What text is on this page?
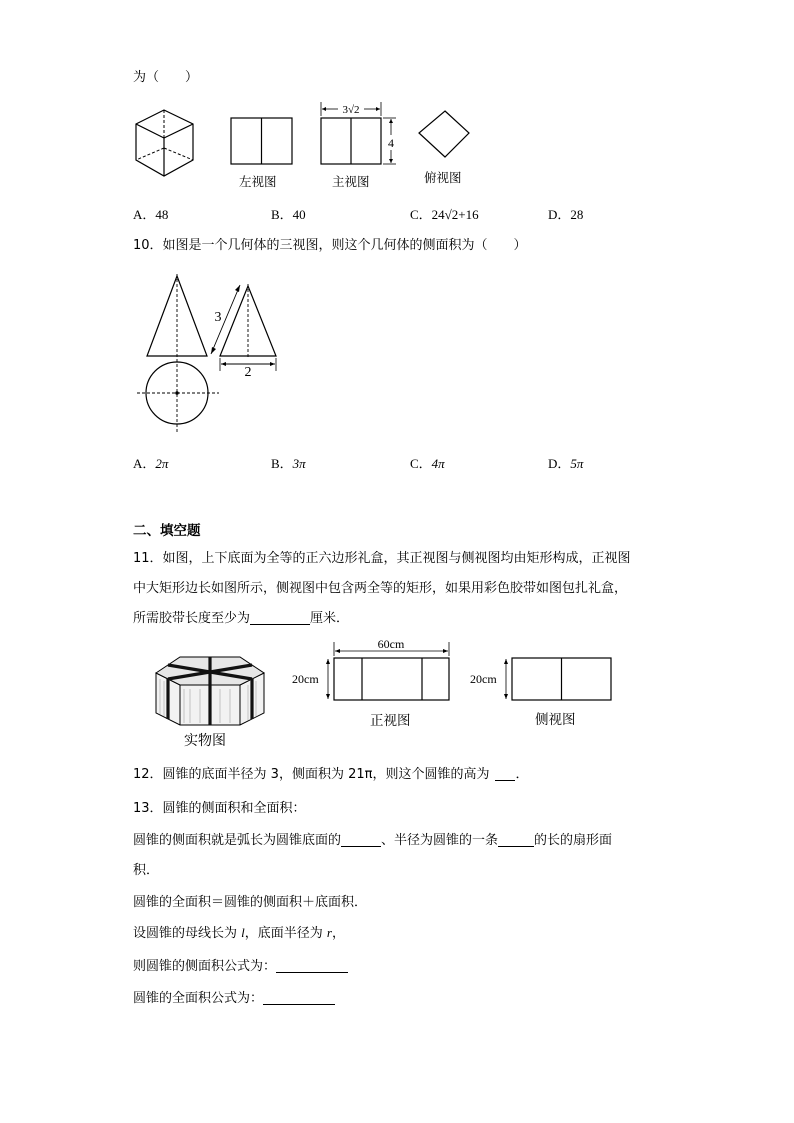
为（　　）
左视图
3√2
4
主视图	俯视图
A．48	B．40	C．24√2+16	D．28
10．如图是一个几何体的三视图，则这个几何体的侧面积为（　　）
3
2
A．2π	B．3π	C．4π	D．5π
二、填空题
11．如图，上下底面为全等的正六边形礼盒，其正视图与侧视图均由矩形构成，正视图
中大矩形边长如图所示，侧视图中包含两全等的矩形，如果用彩色胶带如图包扎礼盒，
所需胶带长度至少为	厘米．
实物图
60cm
20cm
正视图
20cm
侧视图
12．圆锥的底面半径为 3，侧面积为 21π，则这个圆锥的高为 ．
13．圆锥的侧面积和全面积：
圆锥的侧面积就是弧长为圆锥底面的	、半径为圆锥的一条	的长的扇形面
积．
圆锥的全面积＝圆锥的侧面积＋底面积．
设圆锥的母线长为 l，底面半径为 r，
则圆锥的侧面积公式为：
圆锥的全面积公式为：
